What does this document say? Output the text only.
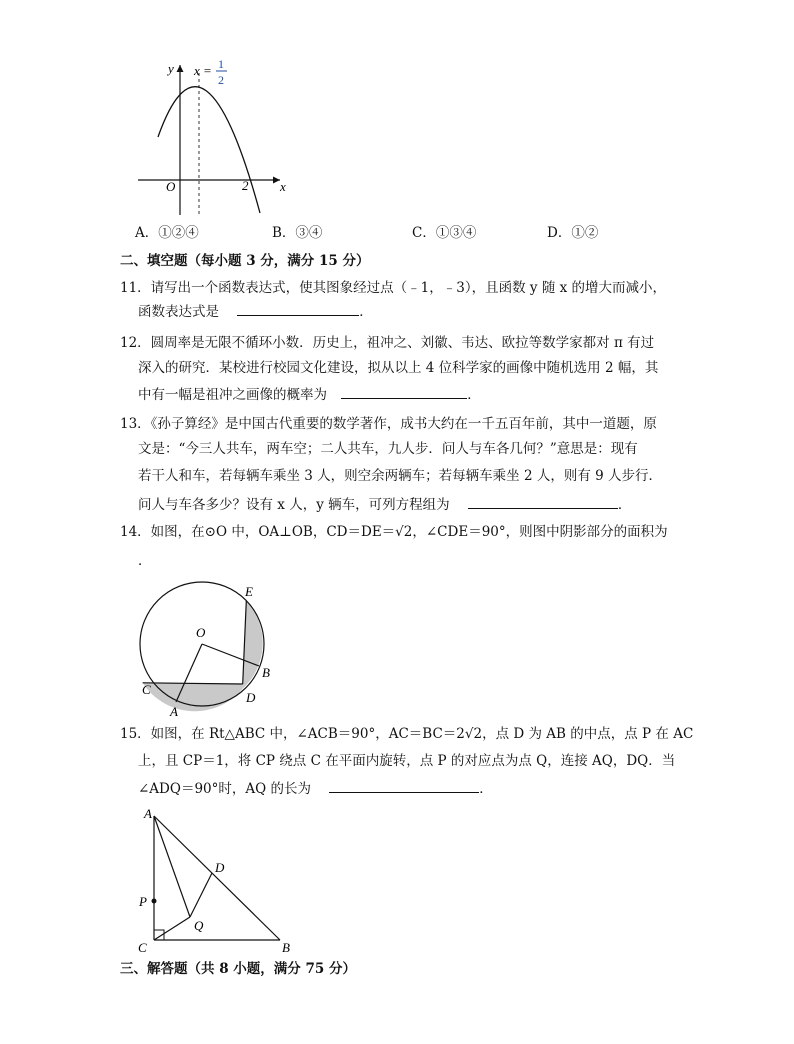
y
x
O	2
x = 1
2
A．①②④	B．③④	C．①③④	D．①②
二、填空题（每小题 3 分，满分 15 分）
11．请写出一个函数表达式，使其图象经过点（﹣1，﹣3），且函数 y 随 x 的增大而减小，
函数表达式是	．
12．圆周率是无限不循环小数．历史上，祖冲之、刘徽、韦达、欧拉等数学家都对 π 有过
深入的研究．某校进行校园文化建设，拟从以上 4 位科学家的画像中随机选用 2 幅，其
中有一幅是祖冲之画像的概率为	．
13．《孙子算经》是中国古代重要的数学著作，成书大约在一千五百年前，其中一道题，原
文是：“今三人共车，两车空；二人共车，九人步．问人与车各几何？”意思是：现有
若干人和车，若每辆车乘坐 3 人，则空余两辆车；若每辆车乘坐 2 人，则有 9 人步行．
问人与车各多少？设有 x 人，y 辆车，可列方程组为	．
14．如图，在⊙O 中，OA⊥OB，CD＝DE＝√2，∠CDE＝90°，则图中阴影部分的面积为
．
E
O
B
C
D
A
15．如图，在 Rt△ABC 中，∠ACB＝90°，AC＝BC＝2√2，点 D 为 AB 的中点，点 P 在 AC
上，且 CP＝1，将 CP 绕点 C 在平面内旋转，点 P 的对应点为点 Q，连接 AQ，DQ．当
∠ADQ＝90°时，AQ 的长为	．
A
D
P
Q
C	B
三、解答题（共 8 小题，满分 75 分）
